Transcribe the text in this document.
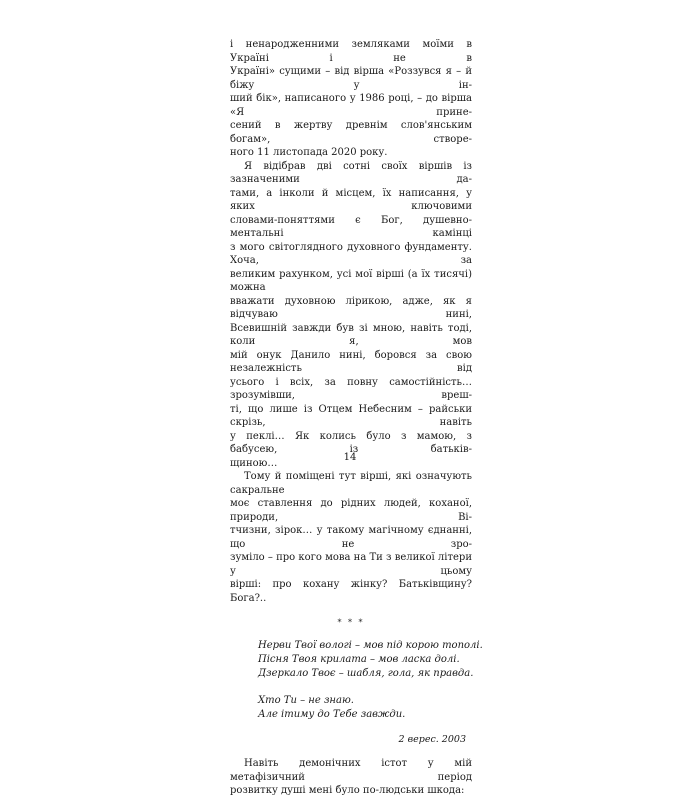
і ненародженними земляками моїми в Україні і не в
Україні» сущими – від вірша «Роззувся я – й біжу у ін-
ший бік», написаного у 1986 році, – до вірша «Я прине-
сений в жертву древнім слов'янським богам», створе-
ного 11 листопада 2020 року.

Я відібрав дві сотні своїх віршів із зазначеними да-
тами, а інколи й місцем, їх написання, у яких ключовими
словами-поняттями є Бог, душевно-ментальні камінці
з мого світоглядного духовного фундаменту. Хоча, за
великим рахунком, усі мої вірші (а їх тисячі) можна
вважати духовною лірикою, адже, як я відчуваю нині,
Всевишній завжди був зі мною, навіть тоді, коли я, мов
мій онук Данило нині, боровся за свою незалежність від
усього і всіх, за повну самостійність… зрозумівши, вреш-
ті, що лише із Отцем Небесним – райськи скрізь, навіть
у пеклі… Як колись було з мамою, з бабусею, із батьків-
щиною…

Тому й поміщені тут вірші, які означують сакральне
моє ставлення до рідних людей, коханої, природи, Ві-
тчизни, зірок… у такому магічному єднанні, що не зро-
зуміло – про кого мова на Ти з великої літери у цьому
вірші: про кохану жінку? Батьківщину? Бога?..

* * *
Нерви Твої вологі – мов під корою тополі.
Пісня Твоя крилата – мов ласка долі.
Дзеркало Твоє – шабля, гола, як правда.
Хто Ти – не знаю.
Але ітиму до Тебе завжди.
2 верес. 2003

Навіть демонічних істот у мій метафізичний період
розвитку душі мені було по-людськи шкода:

14
